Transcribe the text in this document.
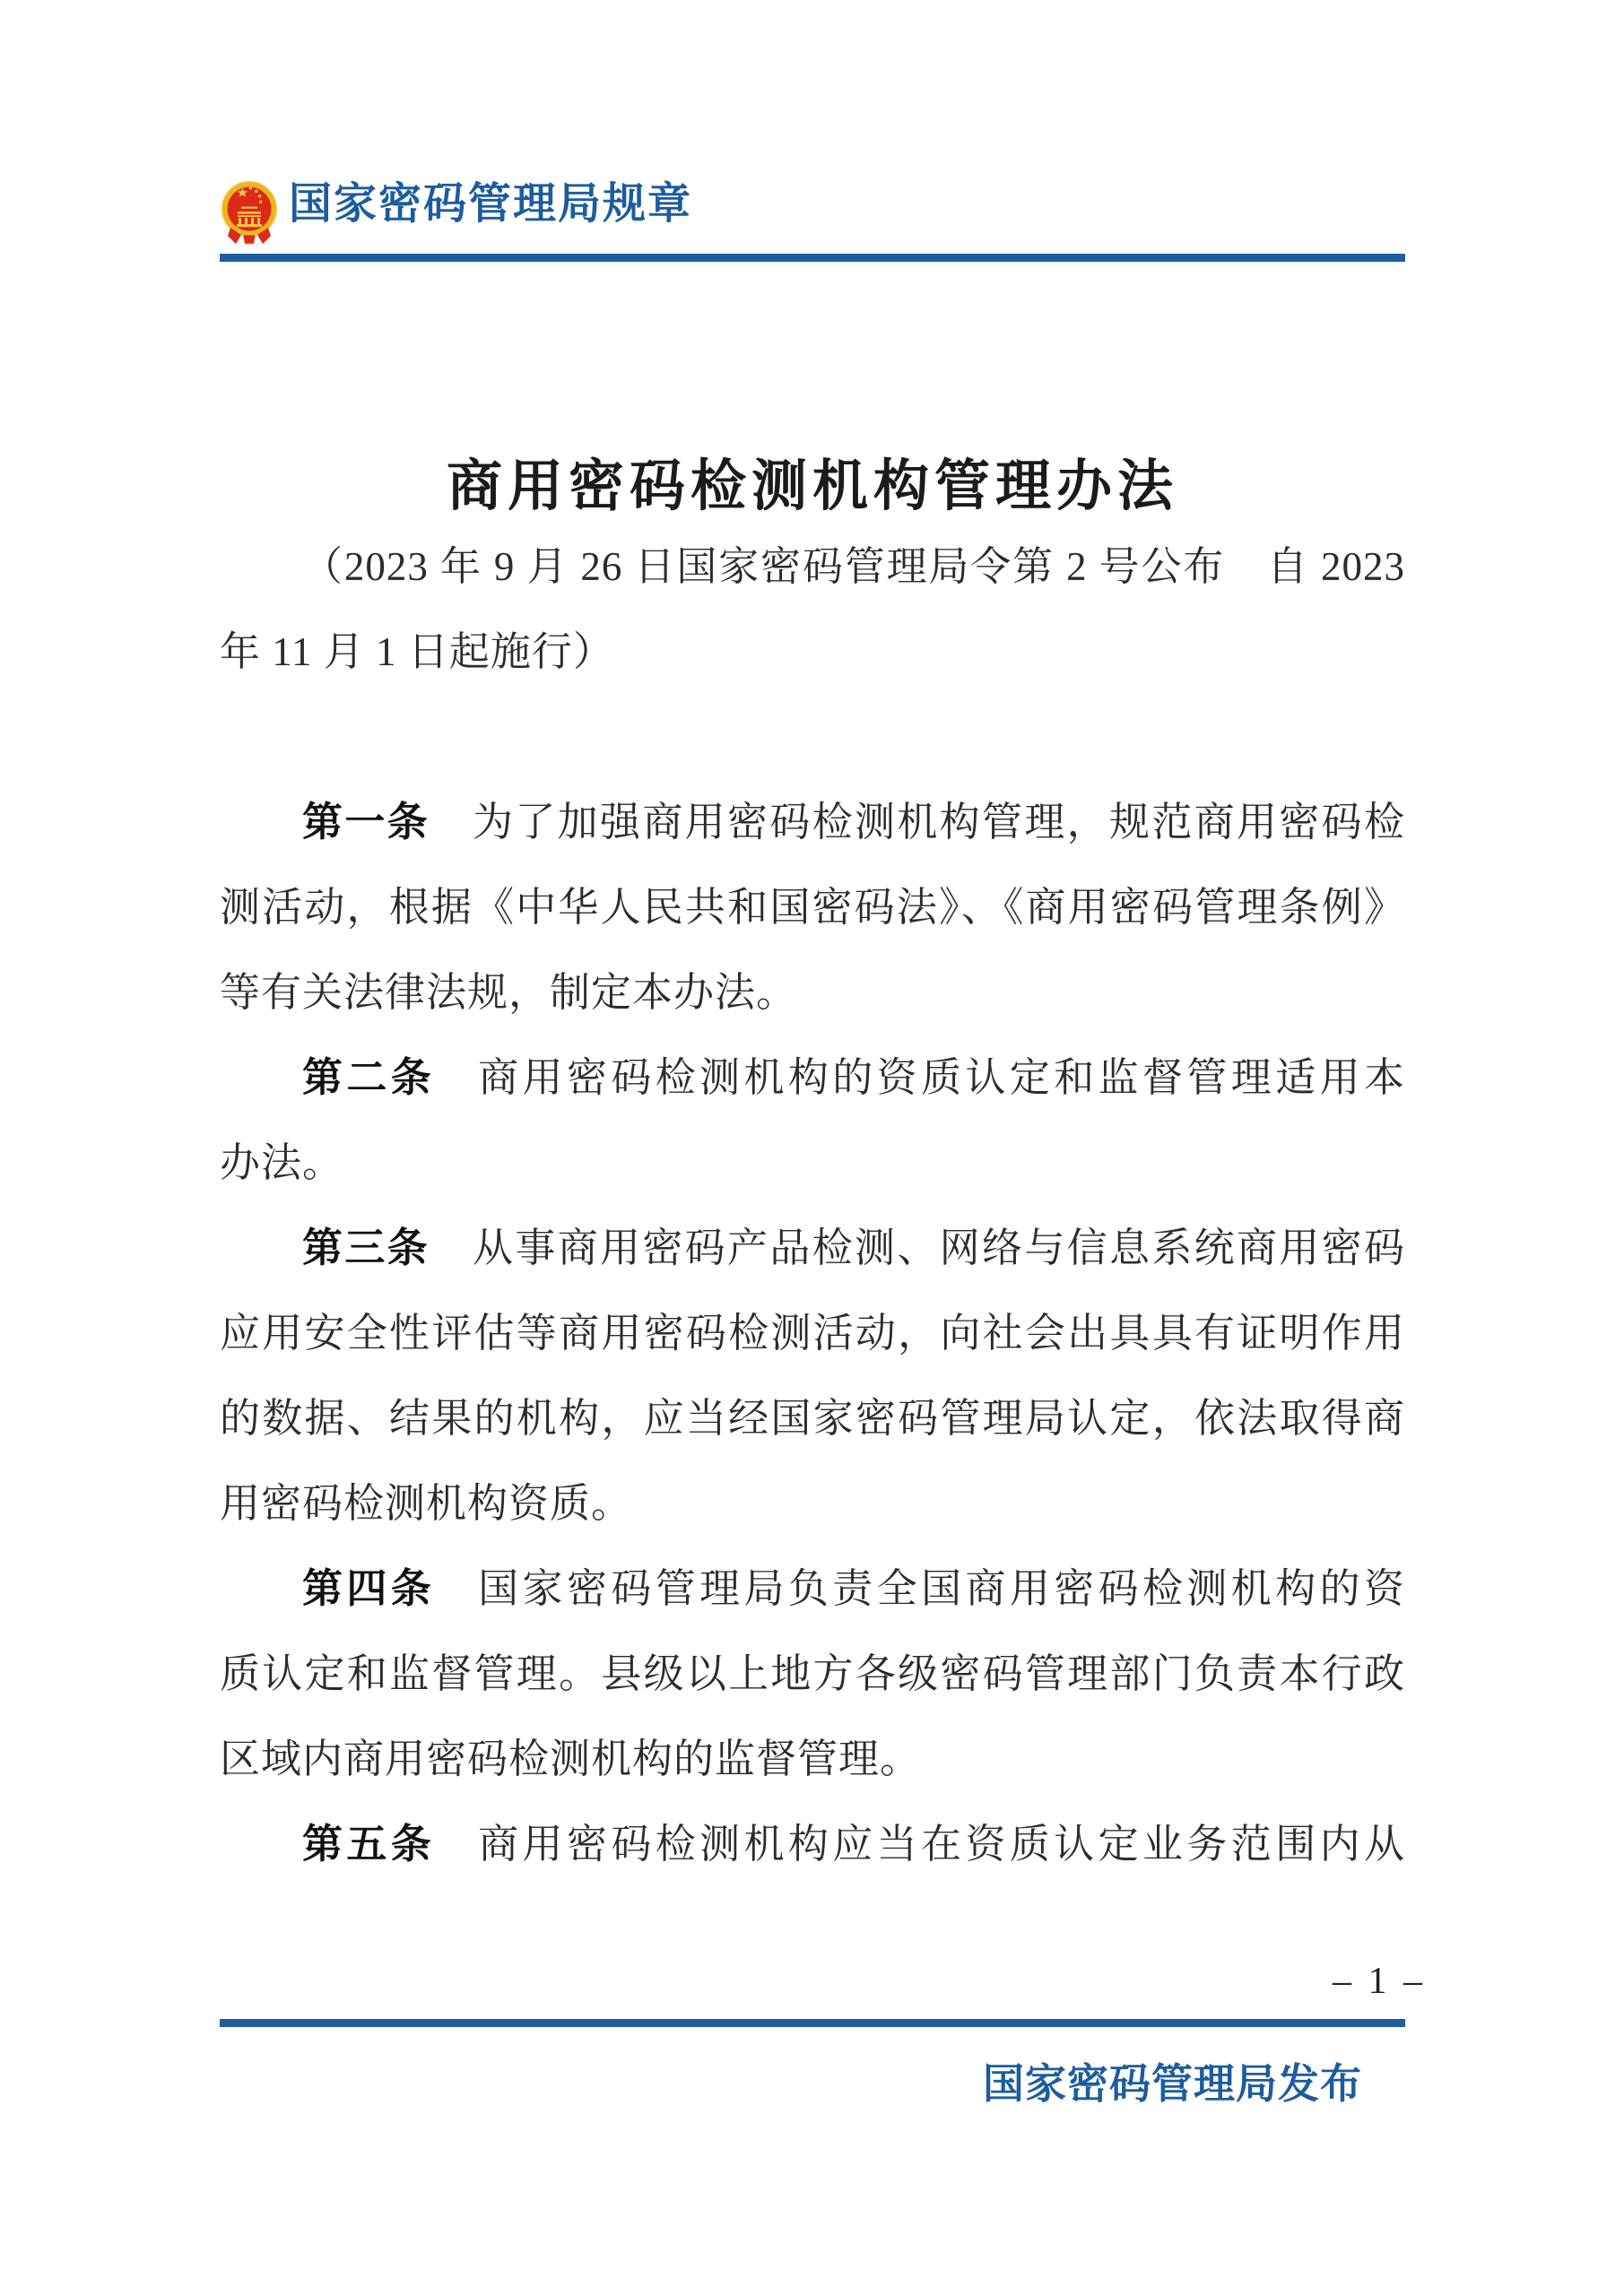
国家密码管理局规章
商用密码检测机构管理办法
（2023 年 9 月 26 日国家密码管理局令第 2 号公布　自 2023
年 11 月 1 日起施行）
第一条 为了加强商用密码检测机构管理，规范商用密码检
测活动，根据《中华人民共和国密码法》、《商用密码管理条例》
等有关法律法规，制定本办法。
第二条 商用密码检测机构的资质认定和监督管理适用本
办法。
第三条 从事商用密码产品检测、网络与信息系统商用密码
应用安全性评估等商用密码检测活动，向社会出具具有证明作用
的数据、结果的机构，应当经国家密码管理局认定，依法取得商
用密码检测机构资质。
第四条 国家密码管理局负责全国商用密码检测机构的资
质认定和监督管理。县级以上地方各级密码管理部门负责本行政
区域内商用密码检测机构的监督管理。
第五条 商用密码检测机构应当在资质认定业务范围内从
– 1 –
国家密码管理局发布
